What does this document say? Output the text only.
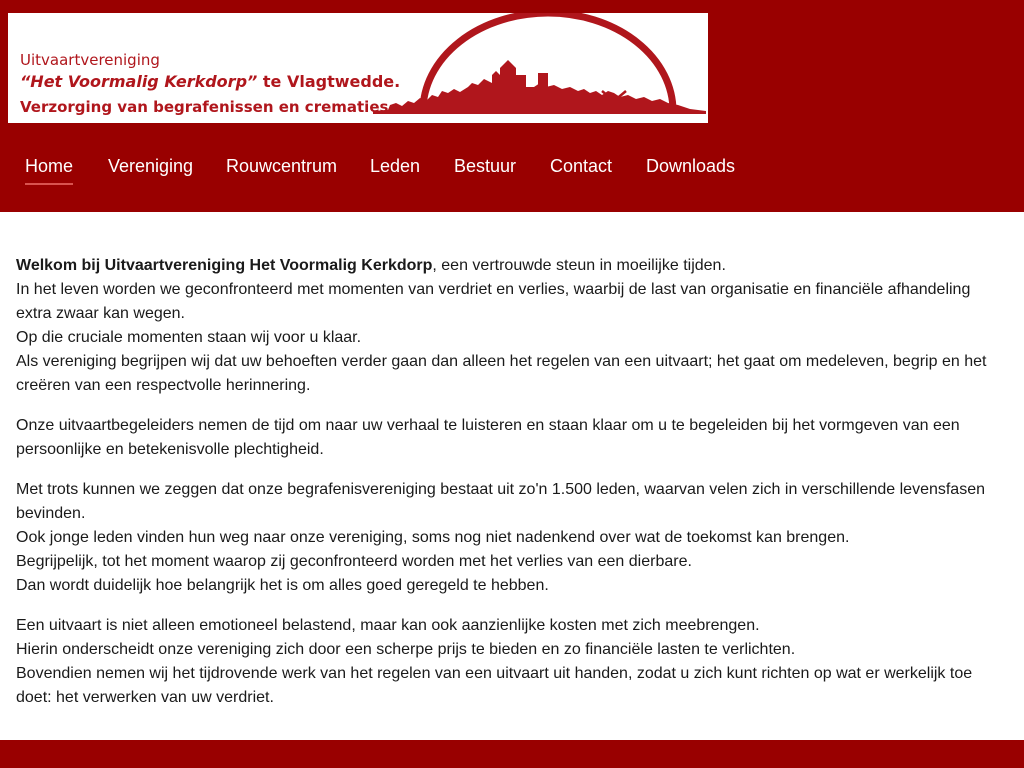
Uitvaartvereniging
“Het Voormalig Kerkdorp” te Vlagtwedde.
Verzorging van begrafenissen en crematies
Home Vereniging Rouwcentrum Leden Bestuur Contact Downloads

Welkom bij Uitvaartvereniging Het Voormalig Kerkdorp, een vertrouwde steun in moeilijke tijden.
In het leven worden we geconfronteerd met momenten van verdriet en verlies, waarbij de last van organisatie en financiële afhandeling extra zwaar kan wegen.
Op die cruciale momenten staan wij voor u klaar.
Als vereniging begrijpen wij dat uw behoeften verder gaan dan alleen het regelen van een uitvaart; het gaat om medeleven, begrip en het creëren van een respectvolle herinnering.

Onze uitvaartbegeleiders nemen de tijd om naar uw verhaal te luisteren en staan klaar om u te begeleiden bij het vormgeven van een persoonlijke en betekenisvolle plechtigheid.

Met trots kunnen we zeggen dat onze begrafenisvereniging bestaat uit zo'n 1.500 leden, waarvan velen zich in verschillende levensfasen bevinden.
Ook jonge leden vinden hun weg naar onze vereniging, soms nog niet nadenkend over wat de toekomst kan brengen.
Begrijpelijk, tot het moment waarop zij geconfronteerd worden met het verlies van een dierbare.
Dan wordt duidelijk hoe belangrijk het is om alles goed geregeld te hebben.

Een uitvaart is niet alleen emotioneel belastend, maar kan ook aanzienlijke kosten met zich meebrengen.
Hierin onderscheidt onze vereniging zich door een scherpe prijs te bieden en zo financiële lasten te verlichten.
Bovendien nemen wij het tijdrovende werk van het regelen van een uitvaart uit handen, zodat u zich kunt richten op wat er werkelijk toe doet: het verwerken van uw verdriet.
